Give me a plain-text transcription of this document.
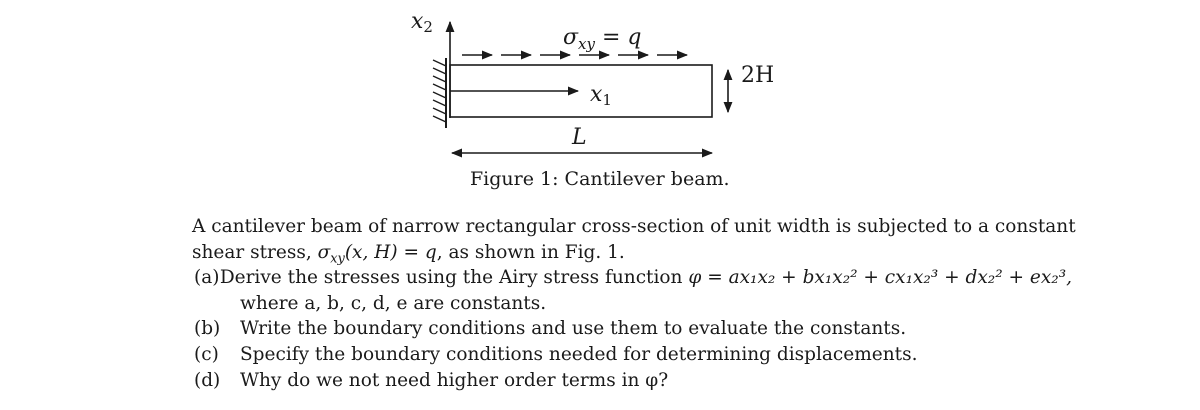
x2
x1
$\sigma_{xy} = q$
2H
L
Figure 1: Cantilever beam.
A cantilever beam of narrow rectangular cross-section of unit width is subjected to a constant
shear stress, $\sigma_{xy}(x$, H) = q, as shown in Fig. 1.
(a) Derive the stresses using the Airy stress function φ = ax₁x₂ + bx₁x₂² + cx₁x₂³ + dx₂² + ex₂³,
where a, b, c, d, e are constants.
(b)	Write the boundary conditions and use them to evaluate the constants.
(c)	Specify the boundary conditions needed for determining displacements.
(d)	Why do we not need higher order terms in φ?
